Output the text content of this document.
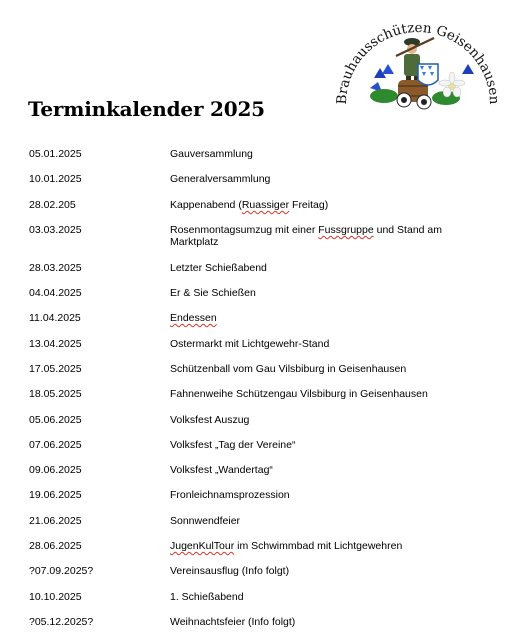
Brauhausschützen Geisenhausen
Terminkalender 2025
05.01.2025	Gauversammlung
10.01.2025	Generalversammlung
28.02.205	Kappenabend (Ruassiger Freitag)
03.03.2025	Rosenmontagsumzug mit einer Fussgruppe und Stand am Marktplatz
28.03.2025	Letzter Schießabend
04.04.2025	Er & Sie Schießen
11.04.2025	Endessen
13.04.2025	Ostermarkt mit Lichtgewehr-Stand
17.05.2025	Schützenball vom Gau Vilsbiburg in Geisenhausen
18.05.2025	Fahnenweihe Schützengau Vilsbiburg in Geisenhausen
05.06.2025	Volksfest Auszug
07.06.2025	Volksfest „Tag der Vereine“
09.06.2025	Volksfest „Wandertag“
19.06.2025	Fronleichnamsprozession
21.06.2025	Sonnwendfeier
28.06.2025	JugenKulTour im Schwimmbad mit Lichtgewehren
?07.09.2025?	Vereinsausflug (Info folgt)
10.10.2025	1. Schießabend
?05.12.2025?	Weihnachtsfeier (Info folgt)
